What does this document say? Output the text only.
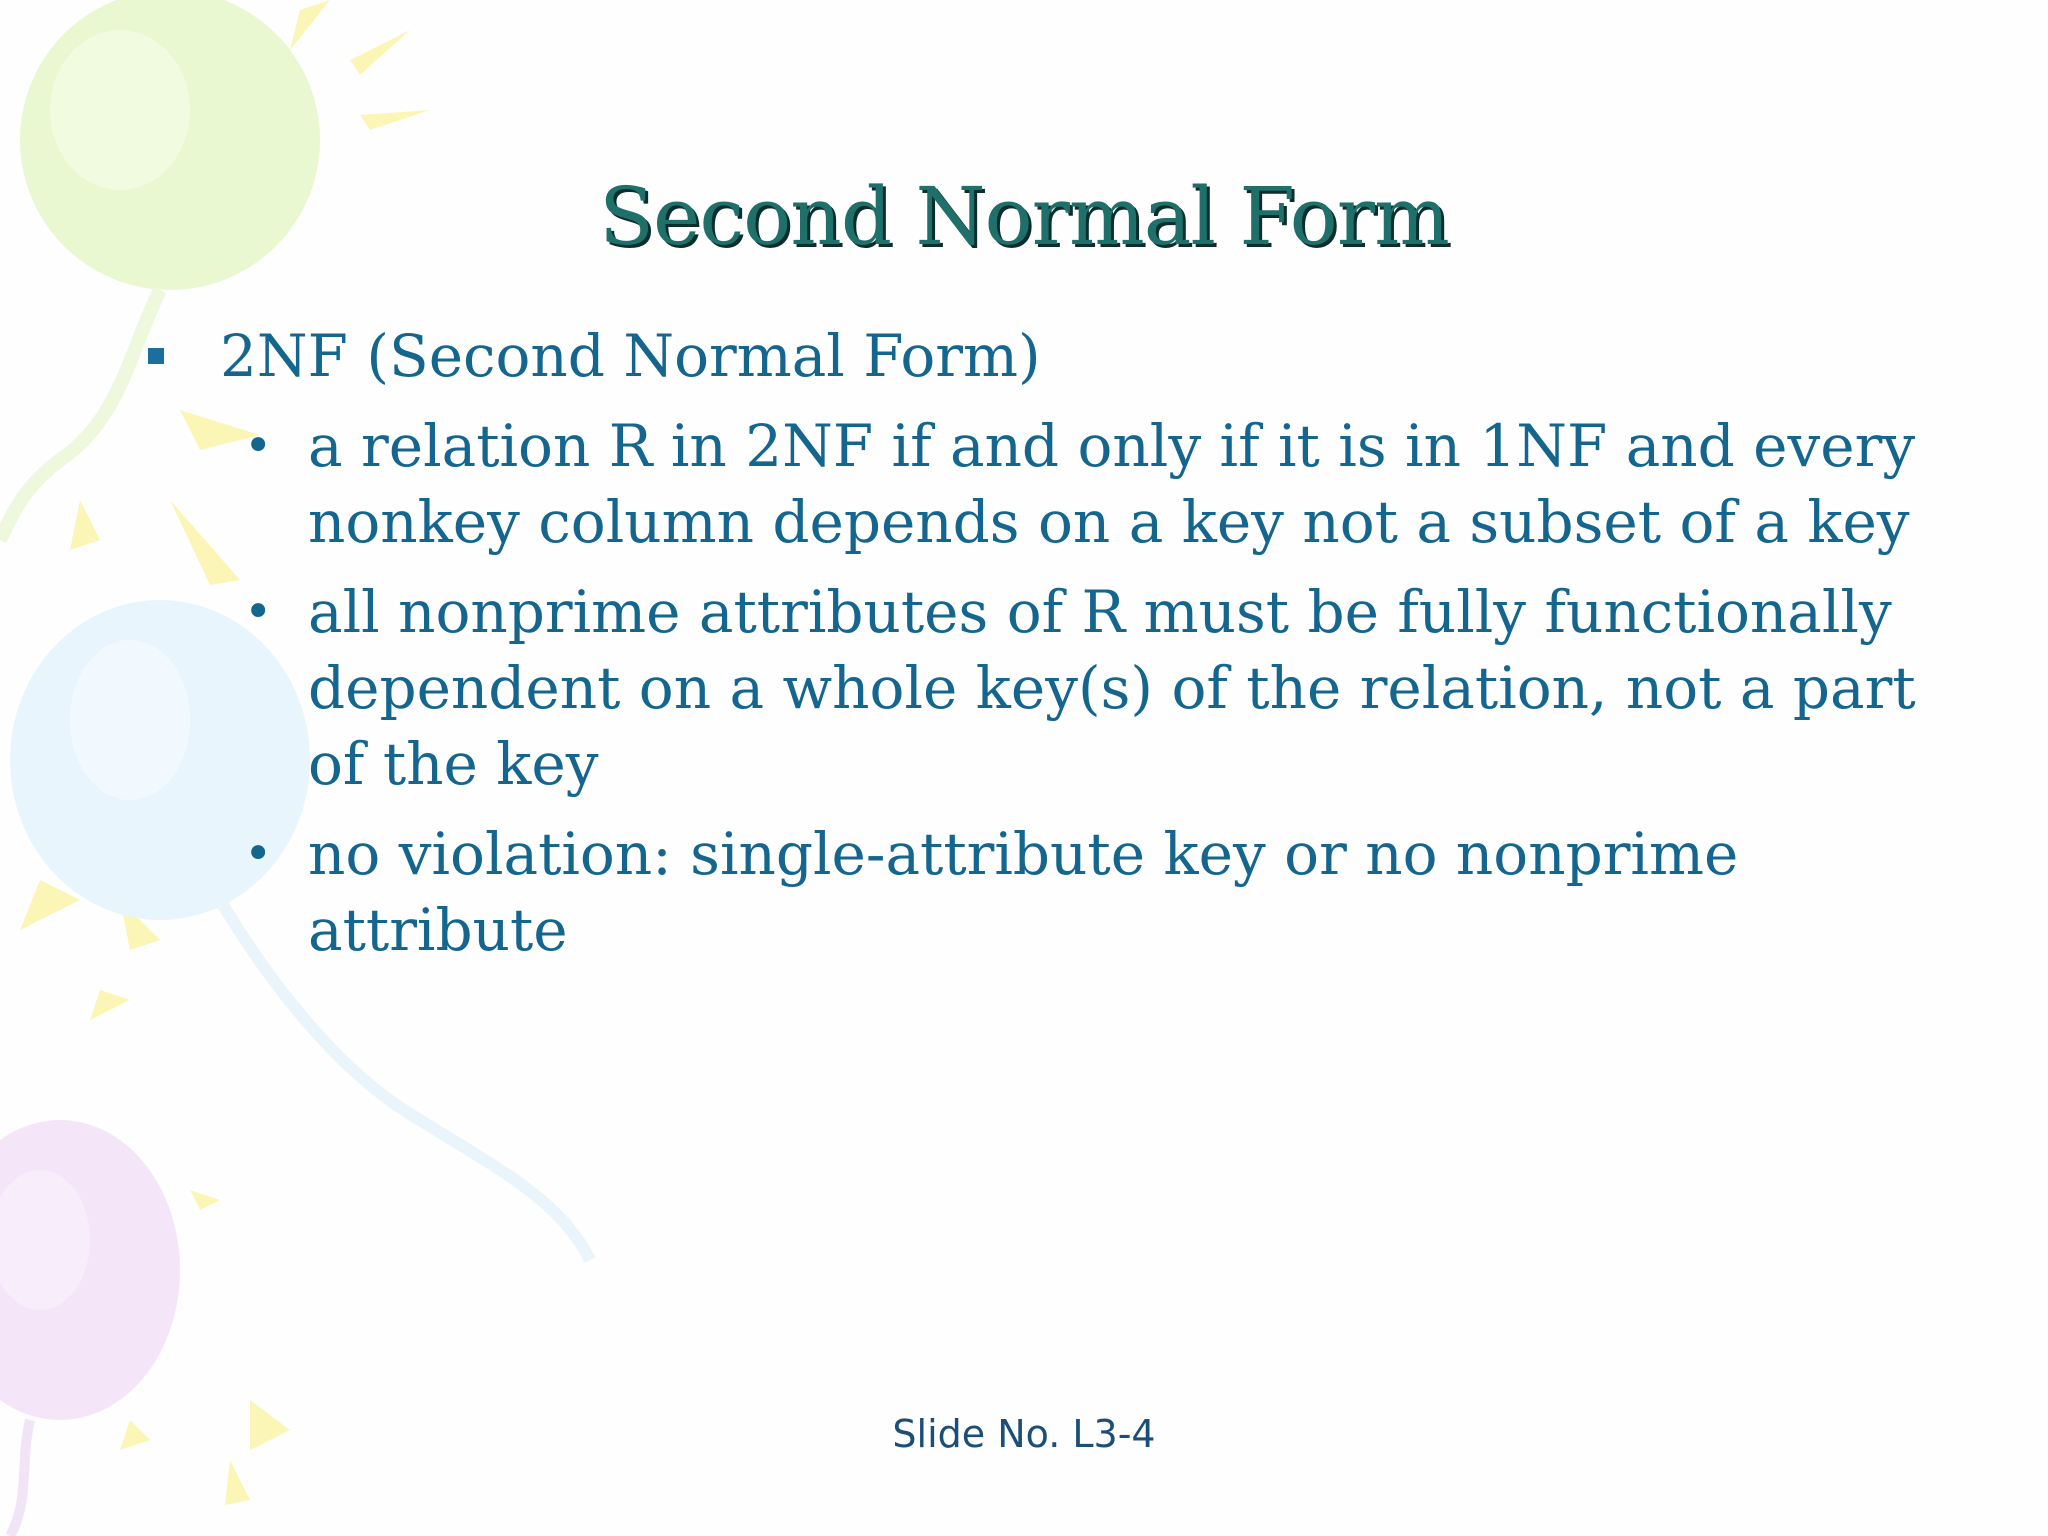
Second Normal Form

2NF (Second Normal Form)

• a relation R in 2NF if and only if it is in 1NF and every nonkey column depends on a key not a subset of a key

• all nonprime attributes of R must be fully functionally dependent on a whole key(s) of the relation, not a part of the key

• no violation: single-attribute key or no nonprime attribute

Slide No. L3-4
